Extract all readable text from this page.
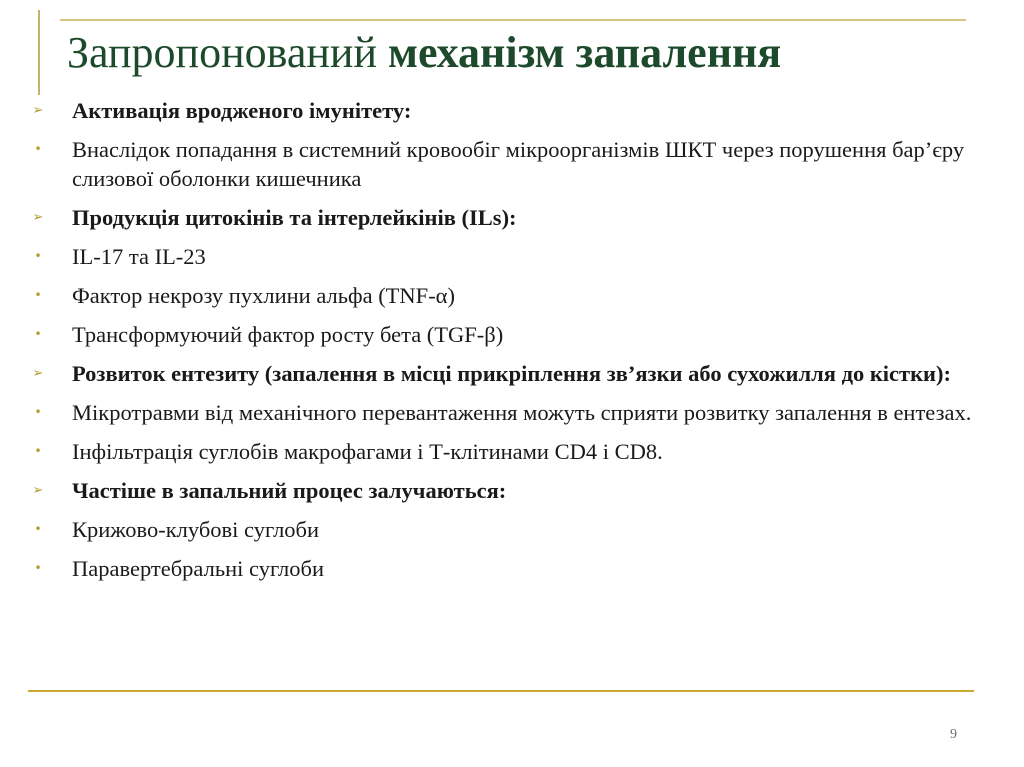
Запропонований механізм запалення
➢ Активація вродженого імунітету:
• Внаслідок попадання в системний кровообіг мікроорганізмів ШКТ через порушення бар’єру слизової оболонки кишечника
➢ Продукція цитокінів та інтерлейкінів (ILs):
• IL-17 та IL-23
• Фактор некрозу пухлини альфа (TNF-α)
• Трансформуючий фактор росту бета (TGF-β)
➢ Розвиток ентезиту (запалення в місці прикріплення зв’язки або сухожилля до кістки):
• Мікротравми від механічного перевантаження можуть сприяти розвитку запалення в ентезах.
• Інфільтрація суглобів макрофагами і Т-клітинами CD4 і CD8.
➢ Частіше в запальний процес залучаються:
• Крижово-клубові суглоби
• Паравертебральні суглоби
9
